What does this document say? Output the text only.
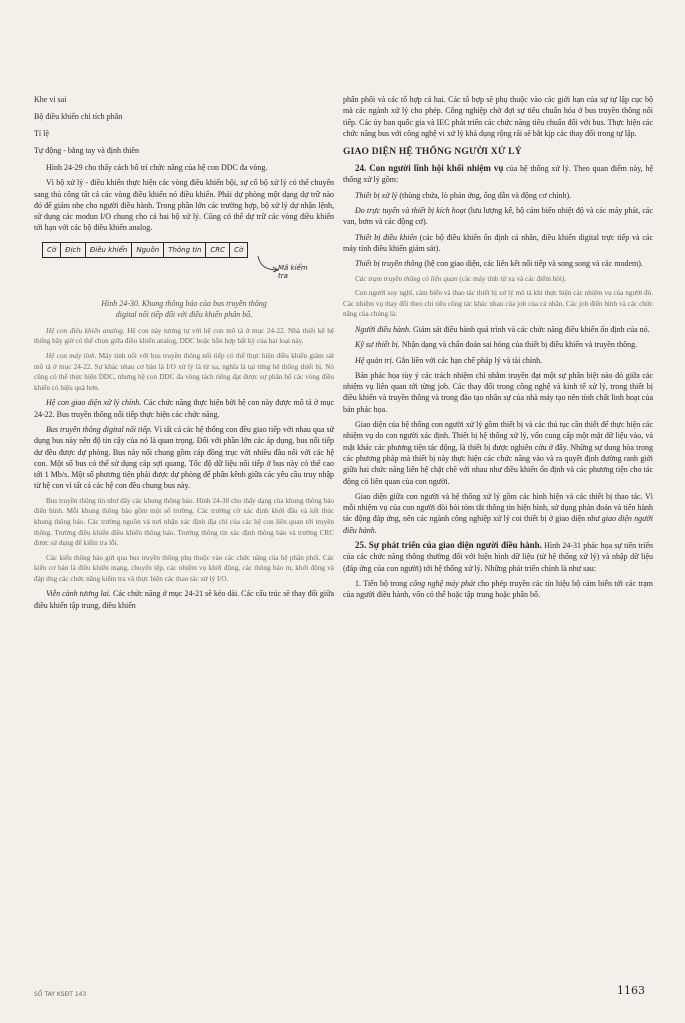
Khe vi sai

Bộ điều khiển chỉ tích phân

Tỉ lệ

Tự động - bằng tay và định thiên

Hình 24-29 cho thấy cách bố trí chức năng của hệ con DDC đa vòng.

Vì bộ xử lý - điều khiển thực hiện các vòng điều khiển bội, sự cố bộ xử lý có thể chuyển sang thủ công tất cả các vòng điều khiển nó điều khiển. Phải dự phòng một dạng dự trữ nào đó để giảm nhẹ cho người điều hành. Trong phần lớn các trường hợp, bộ xử lý dự nhận lệnh, sử dụng các modun I/O chung cho cả hai bộ xử lý. Cũng có thể dự trữ các vòng điều khiển tới hạn với các bộ điều khiển analog.

Cờ	Địch	Điều khiển	Nguồn	Thông tin	CRC	Cờ
Mã kiểm
tra

Hình 24-30. Khung thông báo của bus truyền thông
digital nối tiếp đối với điều khiển phân bố.

Hệ con điều khiển analog. Hệ con này tương tự với hệ con mô tả ở mục 24-22. Nhà thiết kế hệ thống bây giờ có thể chọn giữa điều khiển analog, DDC hoặc hỗn hợp bất kỳ của hai loại này.

Hệ con máy tính. Máy tính nối với bus truyền thông nối tiếp có thể thực hiện điều khiển giám sát mô tả ở mục 24-22. Sự khác nhau cơ bản là I/O xử lý là từ xa, nghĩa là tại từng hệ thống thiết bị. Nó cũng có thể thực hiện DDC, nhưng hệ con DDC đa vòng tách riêng đạt được sự phân bố các vòng điều khiển có hiệu quả hơn.

Hệ con giao diện xử lý chính. Các chức năng thực hiện bởi hệ con này được mô tả ở mục 24-22. Bus truyền thông nối tiếp thực hiện các chức năng.

Bus truyền thông digital nối tiếp. Vì tất cả các hệ thống con đều giao tiếp với nhau qua sử dụng bus này nên độ tin cậy của nó là quan trọng. Đối với phần lớn các áp dụng, bus nối tiếp dư đều được dự phòng. Bus này nối chung gồm cáp đồng trục với nhiều đầu nối với các hệ con. Một số bus có thể sử dụng cáp sợi quang. Tốc độ dữ liệu nối tiếp ở bus này có thể cao tới 1 Mb/s. Một số phương tiện phải được dự phòng để phân kênh giữa các yêu cầu truy nhập từ hệ con vì tất cả các hệ con đều chung bus này.

Bus truyền thông tin như dãy các khung thông báo. Hình 24-30 cho thấy dạng của khung thông báo điển hình. Mỗi khung thông báo gồm một số trường. Các trường cờ xác định khởi đầu và kết thúc khung thông báo. Các trường nguồn và nơi nhận xác định địa chỉ của các hệ con liên quan tới truyền thông. Trường điều khiển điều khiển thông báo. Trường thông tin xác định thông báo và trường CRC được sử dụng để kiểm tra lỗi.

Các kiểu thông báo gửi qua bus truyền thông phụ thuộc vào các chức năng của hệ phân phối. Các kiểu cơ bản là điều khiển mạng, chuyển tệp, các nhiệm vụ khởi động, các thông báo m, khởi động và đáp ứng các chức năng kiểm tra và thực hiện các thao tác xử lý I/O.

Viễn cảnh tương lai. Các chức năng ở mục 24-21 sẽ kéo dài. Các cấu trúc sẽ thay đổi giữa điều khiển tập trung, điều khiển

phân phối và các tổ hợp cả hai. Các tổ hợp sẽ phụ thuộc vào các giới hạn của sự tự lập cục bộ mà các ngành xử lý cho phép. Công nghiệp chờ đợi sự tiêu chuẩn hóa ở bus truyền thông nối tiếp. Các ủy ban quốc gia và IEC phát triển các chức năng tiêu chuẩn đối với bus. Thực hiện các chức năng bus với công nghệ vi xử lý khả dụng rộng rãi sẽ bắt kịp các thay đổi trong tự lập.

GIAO DIỆN HỆ THỐNG NGƯỜI XỬ LÝ

24. Con người lĩnh hội khối nhiệm vụ của hệ thống xử lý. Theo quan điểm này, hệ thống xử lý gồm:

Thiết bị xử lý (thùng chứa, lò phản ứng, ống dẫn và động cơ chính).

Đo trực tuyến và thiết bị kích hoạt (lưu lượng kế, bộ cảm biến nhiệt độ và các máy phát, các van, bơm và các động cơ).

Thiết bị điều khiển (các bộ điều khiển ổn định cá nhân, điều khiển digital trực tiếp và các máy tính điều khiển giám sát).

Thiết bị truyền thông (hệ con giao diện, các liên kết nối tiếp và song song và các modem).

Các trạm truyền thông có liên quan (các máy tính tử xa và các điểm hỏi).

Con người suy nghĩ, cảm biến và thao tác thiết bị xử lý mô tả khi thực hiện các nhiệm vụ của người đó. Các nhiệm vụ thay đổi theo chỉ tiêu công tác khác nhau của job của cá nhân. Các job điển hình và các chức năng của chúng là:

Người điều hành. Giám sát điều hành quá trình và các chức năng điều khiển ổn định của nó.

Kỹ sư thiết bị. Nhận dạng và chẩn đoán sai hỏng của thiết bị điều khiển và truyền thông.

Hệ quản trị. Gắn liền với các hạn chế pháp lý và tài chính.

Bản phác họa tùy ý các trách nhiệm chỉ nhằm truyền đạt một sự phân biệt nào đó giữa các nhiệm vụ liên quan tới từng job. Các thay đổi trong công nghệ và kinh tế xử lý, trong thiết bị điều khiển và truyền thông và trong đào tạo nhân sự của nhà máy tạo nên tính chất linh hoạt của bản phác họa.

Giao diện của hệ thống con người xử lý gồm thiết bị và các thủ tục cần thiết để thực hiện các nhiệm vụ do con người xác định. Thiết bị hệ thống xử lý, vốn cung cấp một mặt dữ liệu vào, và mặt khác các phương tiện tác động, là thiết bị được nghiên cứu ở đây. Những sự dung hòa trong các phương pháp mà thiết bị này thực hiện các chức năng vào và ra quyết định đường ranh giới giữa hai chức năng liên hệ chặt chẽ với nhau như điều khiển ổn định và các phương tiện cho tác động có liên quan của con người.

Giao diện giữa con người và hệ thống xử lý gồm các hình hiện và các thiết bị thao tác. Vì mỗi nhiệm vụ của con người đòi hỏi tóm tắt thông tin hiện hình, sử dụng phán đoán và tiến hành tác động đáp ứng, nên các ngành công nghiệp xử lý coi thiết bị ở giao diện như giao diện người điều hành.

25. Sự phát triển của giao diện người điều hành. Hình 24-31 phác họa sự tiến triển của các chức năng thông thường đối với hiện hình dữ liệu (từ hệ thống xử lý) và nhập dữ liệu (đáp ứng của con người) tới hệ thống xử lý. Những phát triển chính là như sau:

1. Tiến bộ trong công nghệ máy phát cho phép truyền các tín hiệu bộ cảm biến tới các trạm của người điều hành, vốn có thể hoặc tập trung hoặc phân bố.

SỔ TAY KSĐT 143	1163
